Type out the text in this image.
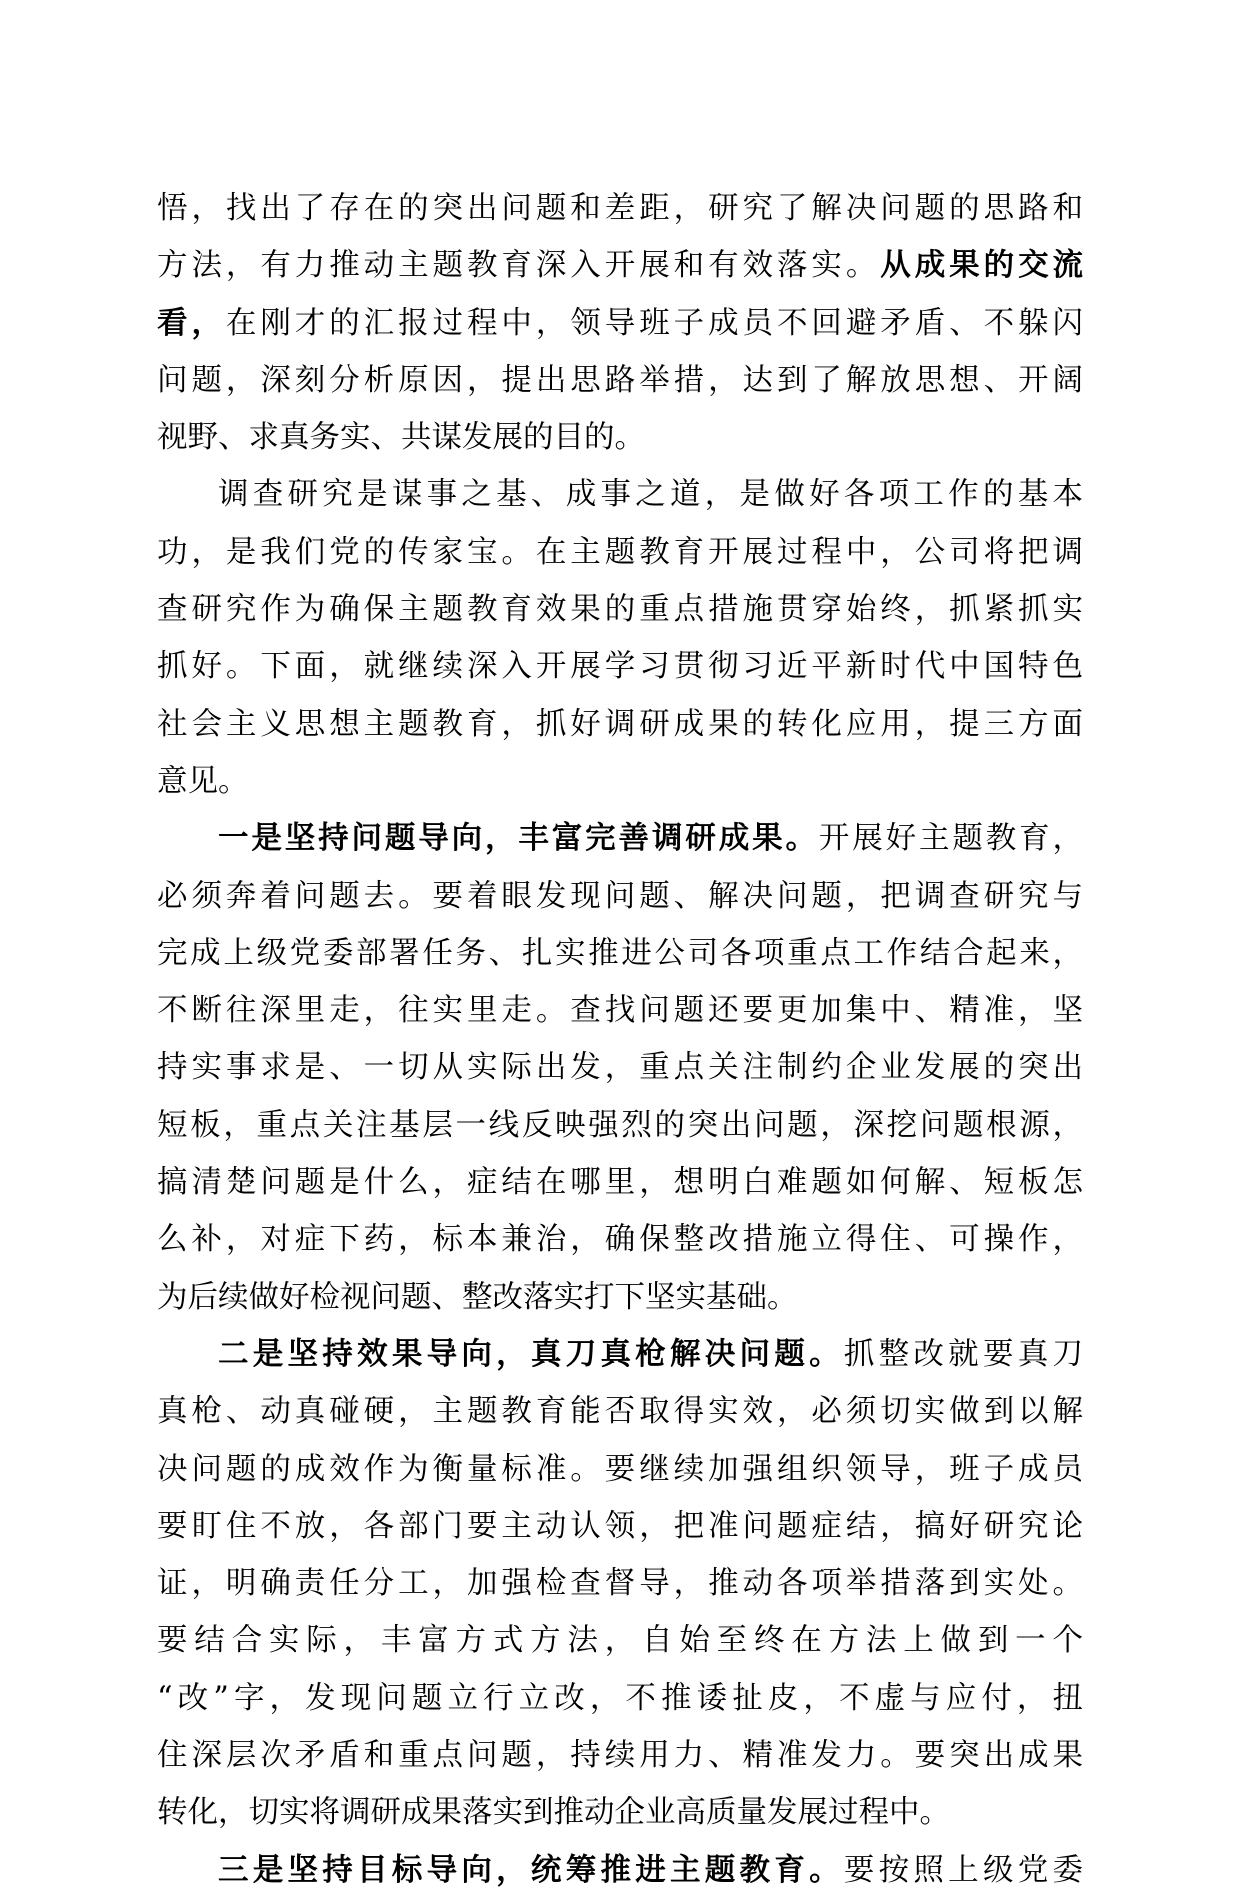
悟，找出了存在的突出问题和差距，研究了解决问题的思路和
方法，有力推动主题教育深入开展和有效落实。从成果的交流
看，在刚才的汇报过程中，领导班子成员不回避矛盾、不躲闪
问题，深刻分析原因，提出思路举措，达到了解放思想、开阔
视野、求真务实、共谋发展的目的。
调查研究是谋事之基、成事之道，是做好各项工作的基本
功，是我们党的传家宝。在主题教育开展过程中，公司将把调
查研究作为确保主题教育效果的重点措施贯穿始终，抓紧抓实
抓好。下面，就继续深入开展学习贯彻习近平新时代中国特色
社会主义思想主题教育，抓好调研成果的转化应用，提三方面
意见。
一是坚持问题导向，丰富完善调研成果。开展好主题教育，
必须奔着问题去。要着眼发现问题、解决问题，把调查研究与
完成上级党委部署任务、扎实推进公司各项重点工作结合起来，
不断往深里走，往实里走。查找问题还要更加集中、精准，坚
持实事求是、一切从实际出发，重点关注制约企业发展的突出
短板，重点关注基层一线反映强烈的突出问题，深挖问题根源，
搞清楚问题是什么，症结在哪里，想明白难题如何解、短板怎
么补，对症下药，标本兼治，确保整改措施立得住、可操作，
为后续做好检视问题、整改落实打下坚实基础。
二是坚持效果导向，真刀真枪解决问题。抓整改就要真刀
真枪、动真碰硬，主题教育能否取得实效，必须切实做到以解
决问题的成效作为衡量标准。要继续加强组织领导，班子成员
要盯住不放，各部门要主动认领，把准问题症结，搞好研究论
证，明确责任分工，加强检查督导，推动各项举措落到实处。
要结合实际，丰富方式方法，自始至终在方法上做到一个
“改”字，发现问题立行立改，不推诿扯皮，不虚与应付，扭
住深层次矛盾和重点问题，持续用力、精准发力。要突出成果
转化，切实将调研成果落实到推动企业高质量发展过程中。
三是坚持目标导向，统筹推进主题教育。要按照上级党委
